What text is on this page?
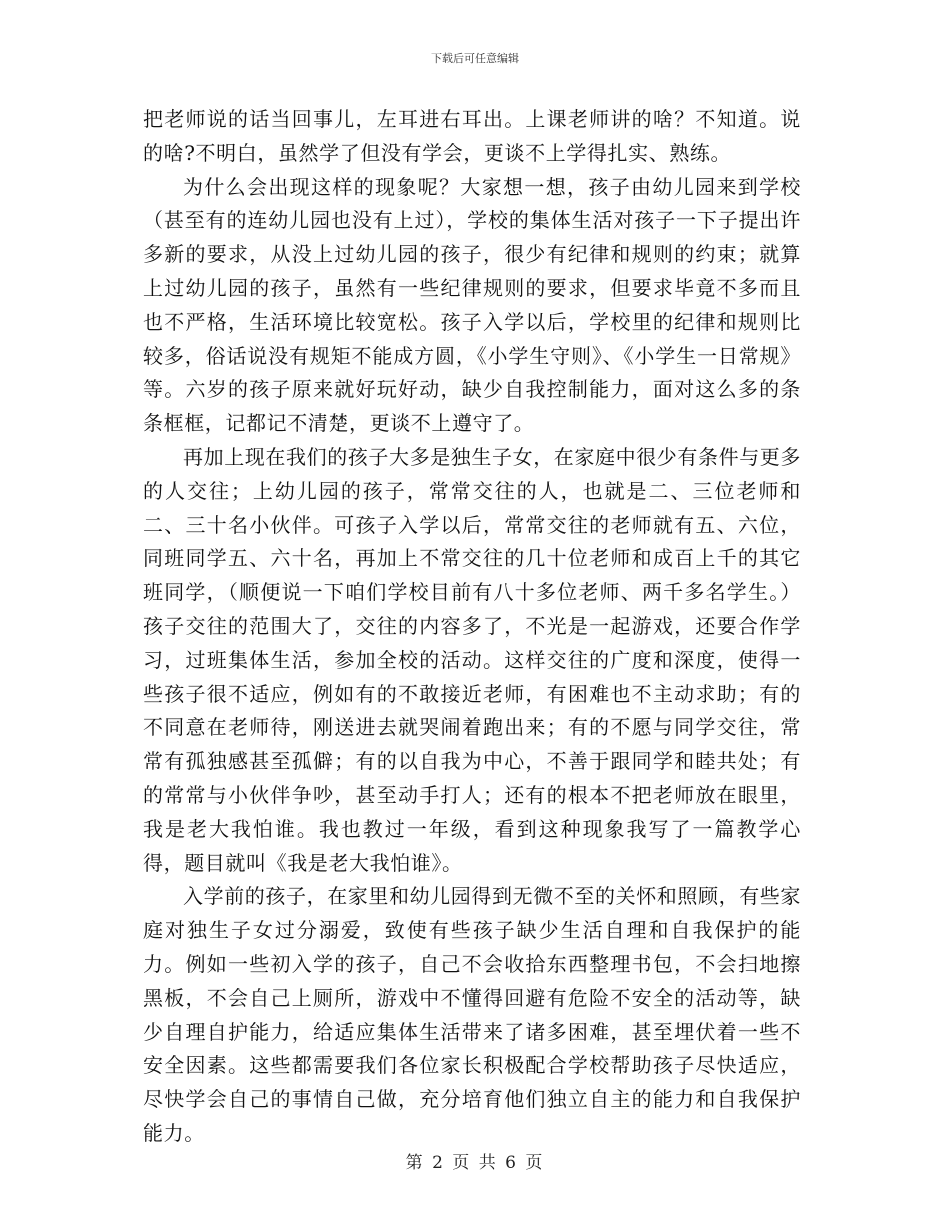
下载后可任意编辑

把老师说的话当回事儿，左耳进右耳出。上课老师讲的啥？不知道。说的啥?不明白，虽然学了但没有学会，更谈不上学得扎实、熟练。

为什么会出现这样的现象呢？大家想一想，孩子由幼儿园来到学校（甚至有的连幼儿园也没有上过），学校的集体生活对孩子一下子提出许多新的要求，从没上过幼儿园的孩子，很少有纪律和规则的约束；就算上过幼儿园的孩子，虽然有一些纪律规则的要求，但要求毕竟不多而且也不严格，生活环境比较宽松。孩子入学以后，学校里的纪律和规则比较多，俗话说没有规矩不能成方圆，《小学生守则》、《小学生一日常规》等。六岁的孩子原来就好玩好动，缺少自我控制能力，面对这么多的条条框框，记都记不清楚，更谈不上遵守了。

再加上现在我们的孩子大多是独生子女，在家庭中很少有条件与更多的人交往；上幼儿园的孩子，常常交往的人，也就是二、三位老师和二、三十名小伙伴。可孩子入学以后，常常交往的老师就有五、六位，同班同学五、六十名，再加上不常交往的几十位老师和成百上千的其它班同学，（顺便说一下咱们学校目前有八十多位老师、两千多名学生。）孩子交往的范围大了，交往的内容多了，不光是一起游戏，还要合作学习，过班集体生活，参加全校的活动。这样交往的广度和深度，使得一些孩子很不适应，例如有的不敢接近老师，有困难也不主动求助；有的不同意在老师待，刚送进去就哭闹着跑出来；有的不愿与同学交往，常常有孤独感甚至孤僻；有的以自我为中心，不善于跟同学和睦共处；有的常常与小伙伴争吵，甚至动手打人；还有的根本不把老师放在眼里，我是老大我怕谁。我也教过一年级，看到这种现象我写了一篇教学心得，题目就叫《我是老大我怕谁》。

入学前的孩子，在家里和幼儿园得到无微不至的关怀和照顾，有些家庭对独生子女过分溺爱，致使有些孩子缺少生活自理和自我保护的能力。例如一些初入学的孩子，自己不会收拾东西整理书包，不会扫地擦黑板，不会自己上厕所，游戏中不懂得回避有危险不安全的活动等，缺少自理自护能力，给适应集体生活带来了诸多困难，甚至埋伏着一些不安全因素。这些都需要我们各位家长积极配合学校帮助孩子尽快适应，尽快学会自己的事情自己做，充分培育他们独立自主的能力和自我保护能力。

第 2 页 共 6 页
